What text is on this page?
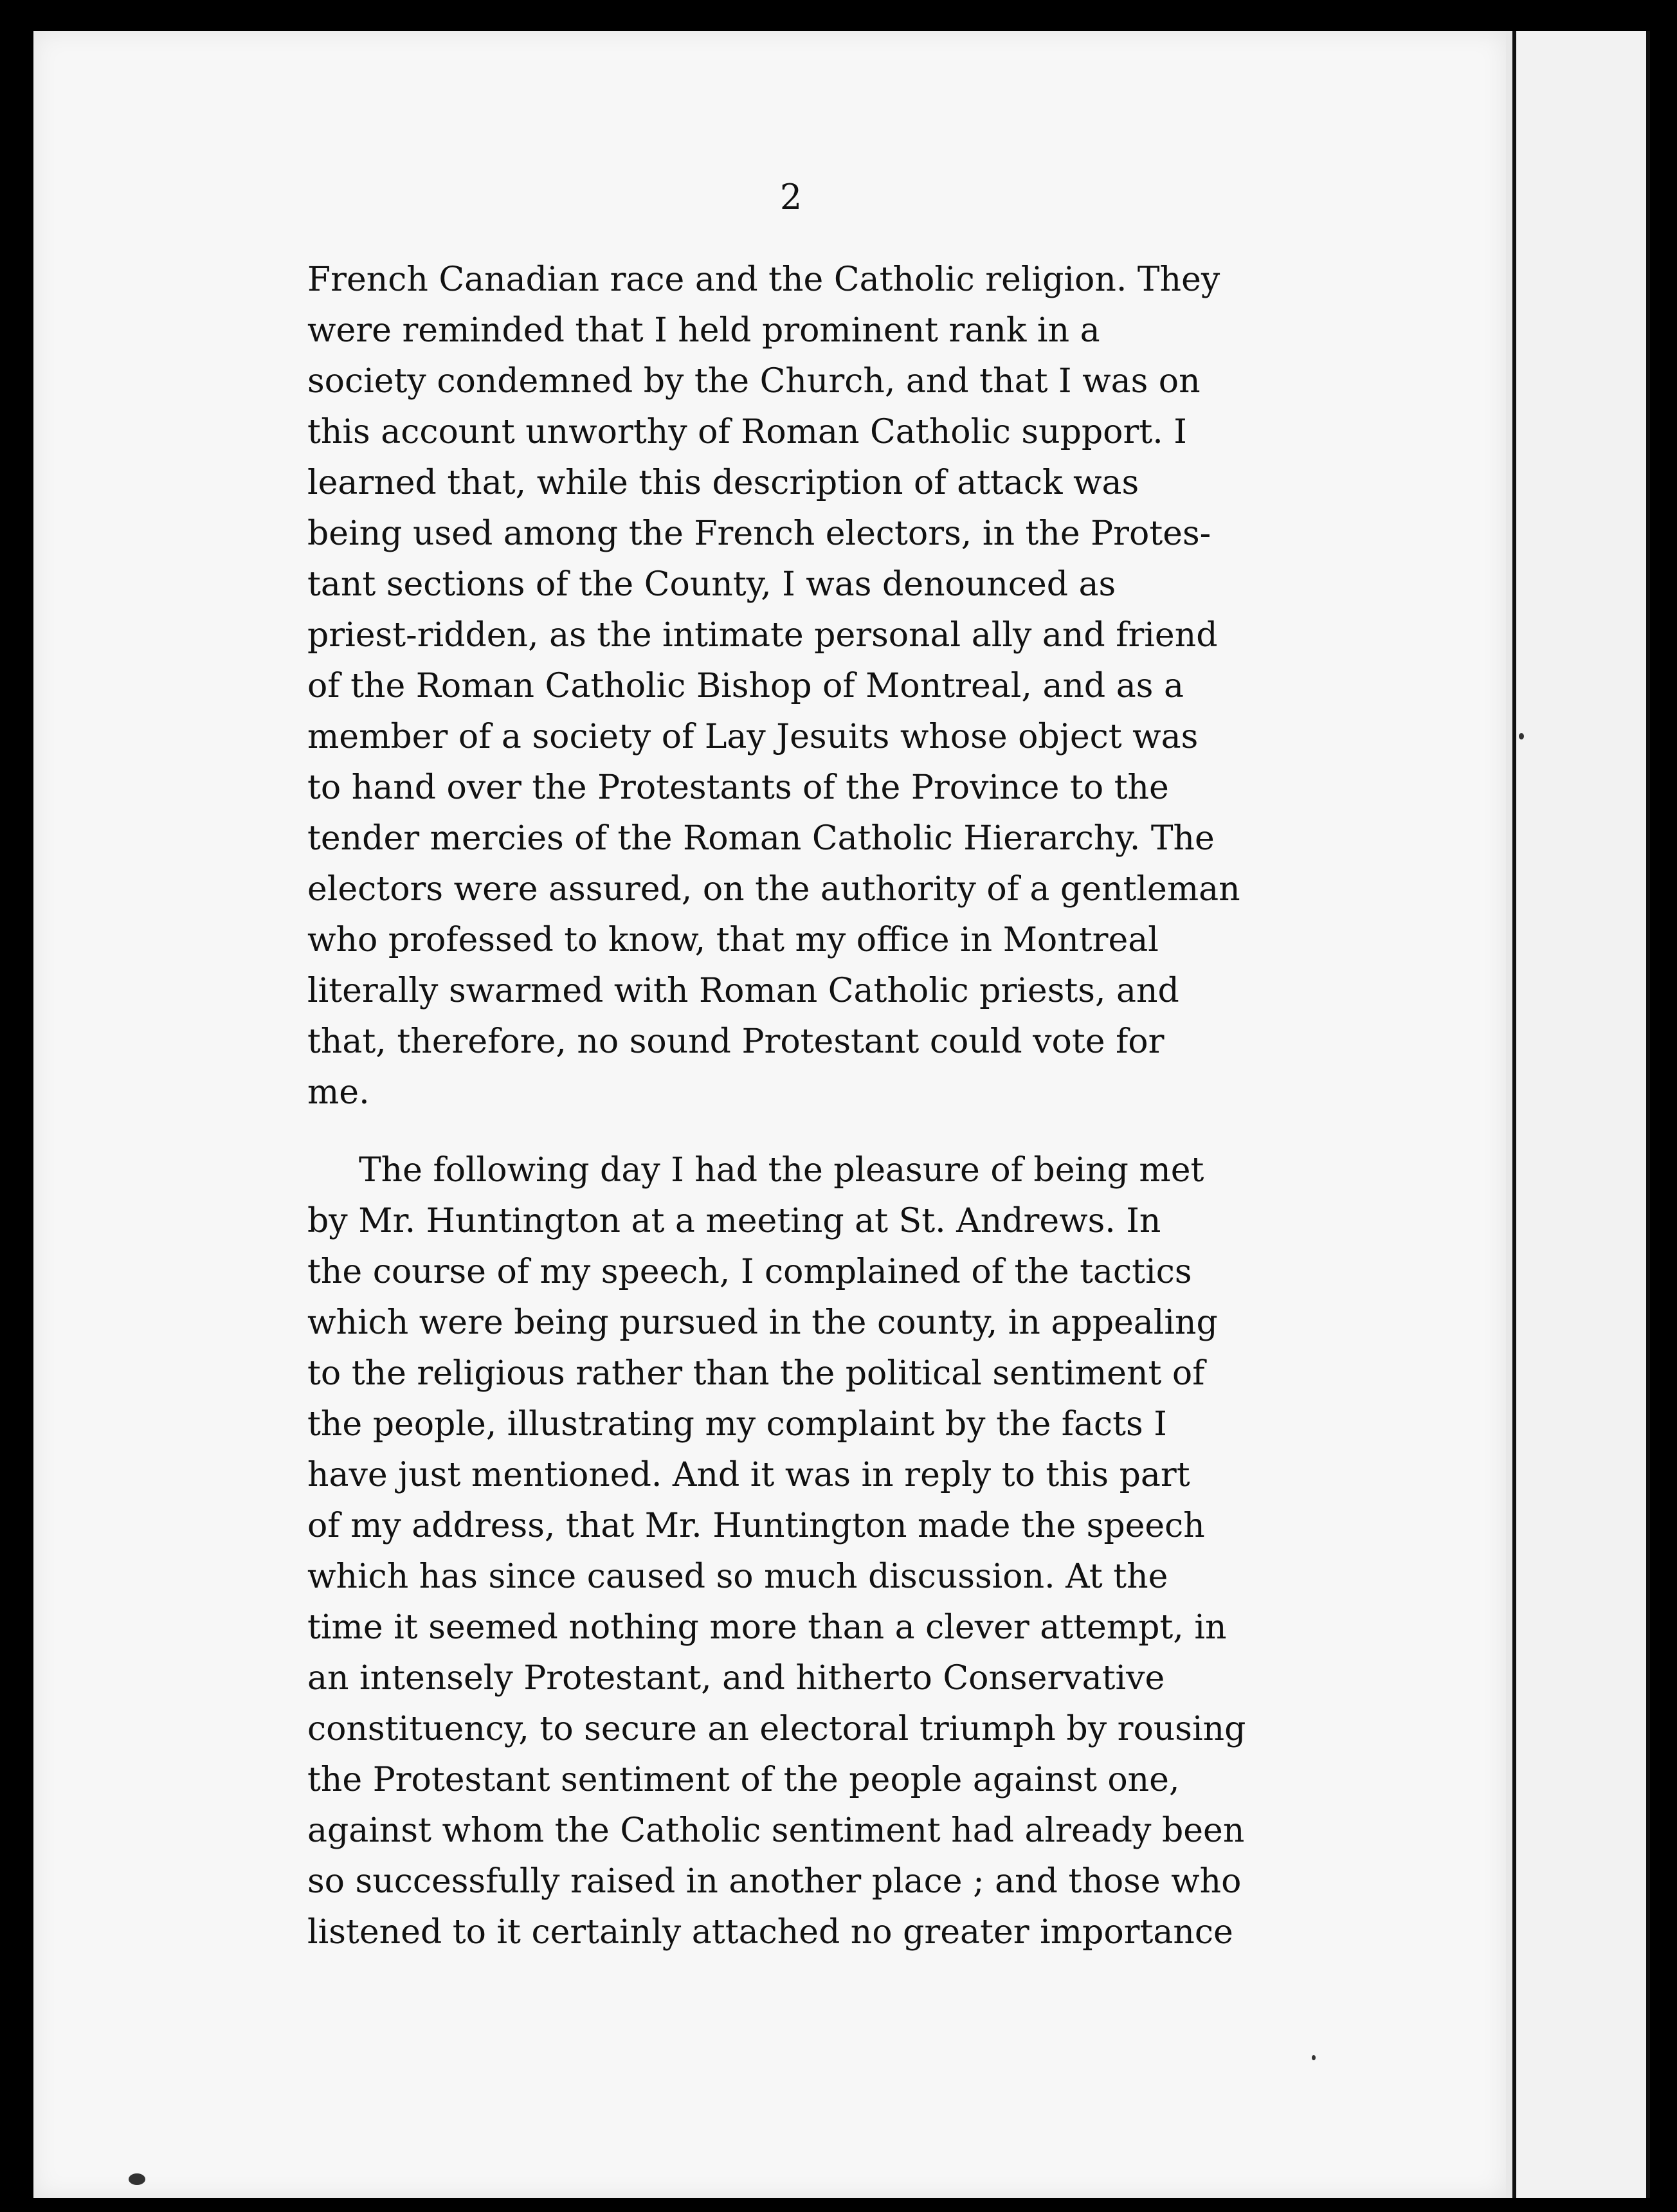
2
French Canadian race and the Catholic religion. They
were reminded that I held prominent rank in a
society condemned by the Church, and that I was on
this account unworthy of Roman Catholic support. I
learned that, while this description of attack was
being used among the French electors, in the Protes-
tant sections of the County, I was denounced as
priest-ridden, as the intimate personal ally and friend
of the Roman Catholic Bishop of Montreal, and as a
member of a society of Lay Jesuits whose object was
to hand over the Protestants of the Province to the
tender mercies of the Roman Catholic Hierarchy. The
electors were assured, on the authority of a gentleman
who professed to know, that my office in Montreal
literally swarmed with Roman Catholic priests, and
that, therefore, no sound Protestant could vote for
me.
The following day I had the pleasure of being met
by Mr. Huntington at a meeting at St. Andrews. In
the course of my speech, I complained of the tactics
which were being pursued in the county, in appealing
to the religious rather than the political sentiment of
the people, illustrating my complaint by the facts I
have just mentioned. And it was in reply to this part
of my address, that Mr. Huntington made the speech
which has since caused so much discussion. At the
time it seemed nothing more than a clever attempt, in
an intensely Protestant, and hitherto Conservative
constituency, to secure an electoral triumph by rousing
the Protestant sentiment of the people against one,
against whom the Catholic sentiment had already been
so successfully raised in another place ; and those who
listened to it certainly attached no greater importance
